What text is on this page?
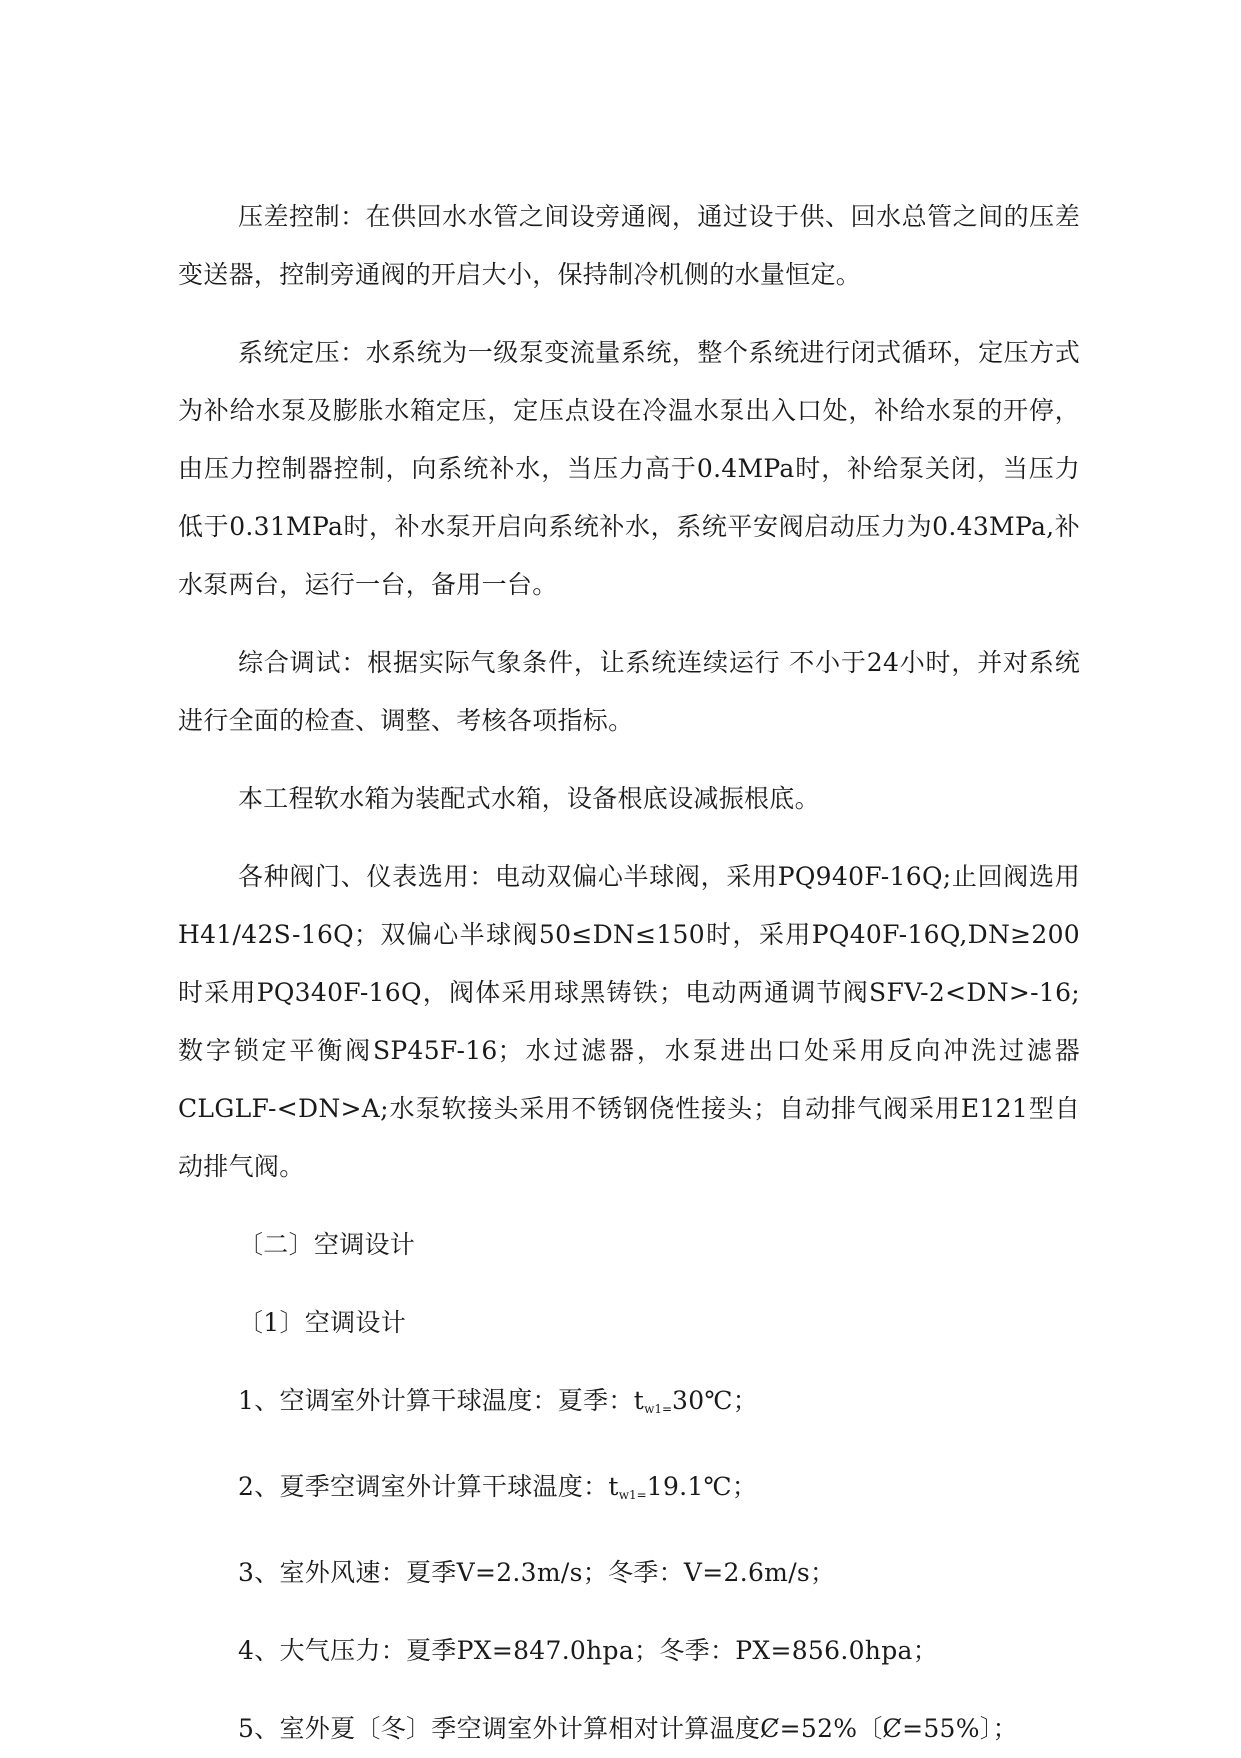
压差控制：在供回水水管之间设旁通阀，通过设于供、回水总管之间的压差变送器，控制旁通阀的开启大小，保持制冷机侧的水量恒定。

系统定压：水系统为一级泵变流量系统，整个系统进行闭式循环，定压方式为补给水泵及膨胀水箱定压，定压点设在冷温水泵出入口处，补给水泵的开停，由压力控制器控制，向系统补水，当压力高于0.4MPa时，补给泵关闭，当压力低于0.31MPa时，补水泵开启向系统补水，系统平安阀启动压力为0.43MPa,补水泵两台，运行一台，备用一台。

综合调试：根据实际气象条件，让系统连续运行 不小于24小时，并对系统进行全面的检查、调整、考核各项指标。

本工程软水箱为装配式水箱，设备根底设减振根底。

各种阀门、仪表选用：电动双偏心半球阀，采用PQ940F-16Q;止回阀选用H41/42S-16Q；双偏心半球阀50≤DN≤150时，采用PQ40F-16Q,DN≥200时采用PQ340F-16Q，阀体采用球黑铸铁；电动两通调节阀SFV-2<DN>-16;数字锁定平衡阀SP45F-16；水过滤器，水泵进出口处采用反向冲洗过滤器CLGLF-<DN>A;水泵软接头采用不锈钢侥性接头；自动排气阀采用E121型自动排气阀。

〔二〕空调设计

〔1〕空调设计

1、空调室外计算干球温度：夏季：$t_{w1=}30℃$；

2、夏季空调室外计算干球温度：$t_{w1=}19.1℃$；

3、室外风速：夏季V=2.3m/s；冬季：V=2.6m/s；

4、大气压力：夏季PX=847.0hpa；冬季：PX=856.0hpa；

5、室外夏〔冬〕季空调室外计算相对计算温度Ȼ=52%〔Ȼ=55%〕；
